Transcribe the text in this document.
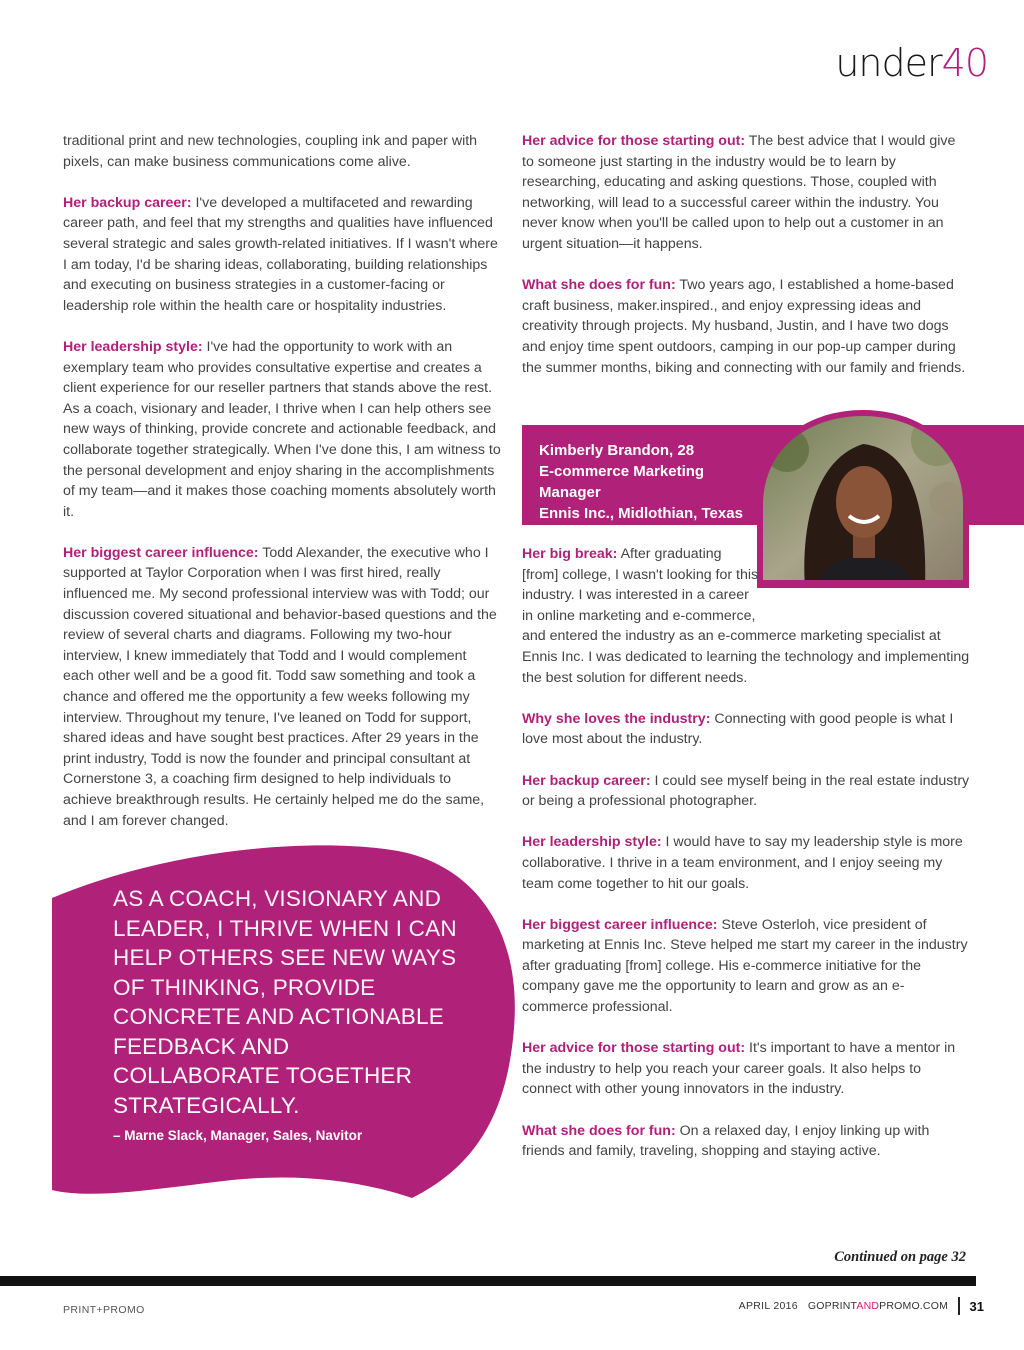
under40

traditional print and new technologies, coupling ink and paper with pixels, can make business communications come alive.

Her backup career: I've developed a multifaceted and rewarding career path, and feel that my strengths and qualities have influenced several strategic and sales growth-related initiatives. If I wasn't where I am today, I'd be sharing ideas, collaborating, building relationships and executing on business strategies in a customer-facing or leadership role within the health care or hospitality industries.

Her leadership style: I've had the opportunity to work with an exemplary team who provides consultative expertise and creates a client experience for our reseller partners that stands above the rest. As a coach, visionary and leader, I thrive when I can help others see new ways of thinking, provide concrete and actionable feedback, and collaborate together strategically. When I've done this, I am witness to the personal development and enjoy sharing in the accomplishments of my team—and it makes those coaching moments absolutely worth it.

Her biggest career influence: Todd Alexander, the executive who I supported at Taylor Corporation when I was first hired, really influenced me. My second professional interview was with Todd; our discussion covered situational and behavior-based questions and the review of several charts and diagrams. Following my two-hour interview, I knew immediately that Todd and I would complement each other well and be a good fit. Todd saw something and took a chance and offered me the opportunity a few weeks following my interview. Throughout my tenure, I've leaned on Todd for support, shared ideas and have sought best practices. After 29 years in the print industry, Todd is now the founder and principal consultant at Cornerstone 3, a coaching firm designed to help individuals to achieve breakthrough results. He certainly helped me do the same, and I am forever changed.

Her advice for those starting out: The best advice that I would give to someone just starting in the industry would be to learn by researching, educating and asking questions. Those, coupled with networking, will lead to a successful career within the industry. You never know when you'll be called upon to help out a customer in an urgent situation—it happens.

What she does for fun: Two years ago, I established a home-based craft business, maker.inspired., and enjoy expressing ideas and creativity through projects. My husband, Justin, and I have two dogs and enjoy time spent outdoors, camping in our pop-up camper during the summer months, biking and connecting with our family and friends.

Kimberly Brandon, 28
E-commerce Marketing
Manager
Ennis Inc., Midlothian, Texas

Her big break: After graduating [from] college, I wasn't looking for this industry. I was interested in a career in online marketing and e-commerce, and entered the industry as an e-commerce marketing specialist at Ennis Inc. I was dedicated to learning the technology and implementing the best solution for different needs.

Why she loves the industry: Connecting with good people is what I love most about the industry.

Her backup career: I could see myself being in the real estate industry or being a professional photographer.

Her leadership style: I would have to say my leadership style is more collaborative. I thrive in a team environment, and I enjoy seeing my team come together to hit our goals.

Her biggest career influence: Steve Osterloh, vice president of marketing at Ennis Inc. Steve helped me start my career in the industry after graduating [from] college. His e-commerce initiative for the company gave me the opportunity to learn and grow as an e-commerce professional.

Her advice for those starting out: It's important to have a mentor in the industry to help you reach your career goals. It also helps to connect with other young innovators in the industry.

What she does for fun: On a relaxed day, I enjoy linking up with friends and family, traveling, shopping and staying active.

AS A COACH, VISIONARY AND LEADER, I THRIVE WHEN I CAN HELP OTHERS SEE NEW WAYS OF THINKING, PROVIDE CONCRETE AND ACTIONABLE FEEDBACK AND COLLABORATE TOGETHER STRATEGICALLY.
– Marne Slack, Manager, Sales, Navitor
Continued on page 32
PRINT+PROMO	APRIL 2016 GOPRINTANDPROMO.COM 31
